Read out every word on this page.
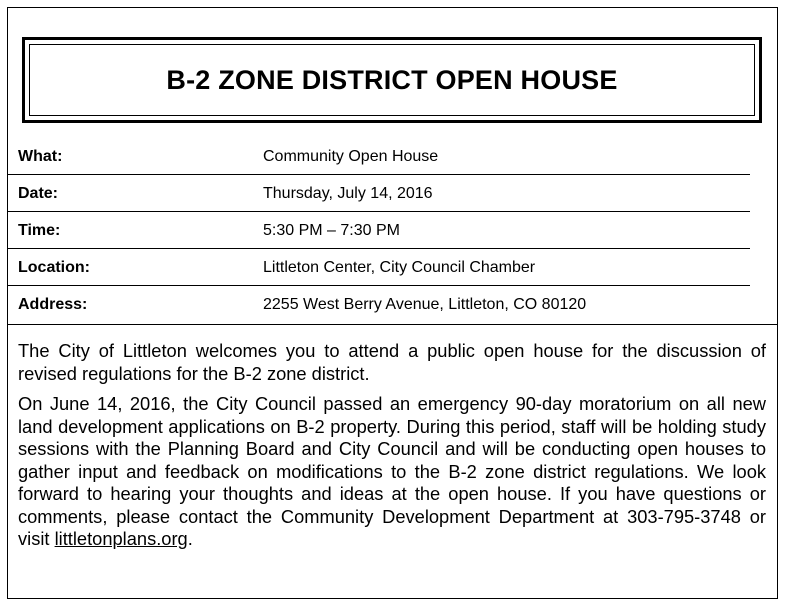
B-2 ZONE DISTRICT OPEN HOUSE
What:	Community Open House
Date:	Thursday, July 14, 2016
Time:	5:30 PM – 7:30 PM
Location:	Littleton Center, City Council Chamber
Address:	2255 West Berry Avenue, Littleton, CO 80120

The City of Littleton welcomes you to attend a public open house for the discussion of revised regulations for the B-2 zone district.

On June 14, 2016, the City Council passed an emergency 90-day moratorium on all new land development applications on B-2 property. During this period, staff will be holding study sessions with the Planning Board and City Council and will be conducting open houses to gather input and feedback on modifications to the B-2 zone district regulations. We look forward to hearing your thoughts and ideas at the open house. If you have questions or comments, please contact the Community Development Department at 303-795-3748 or visit littletonplans.org.
